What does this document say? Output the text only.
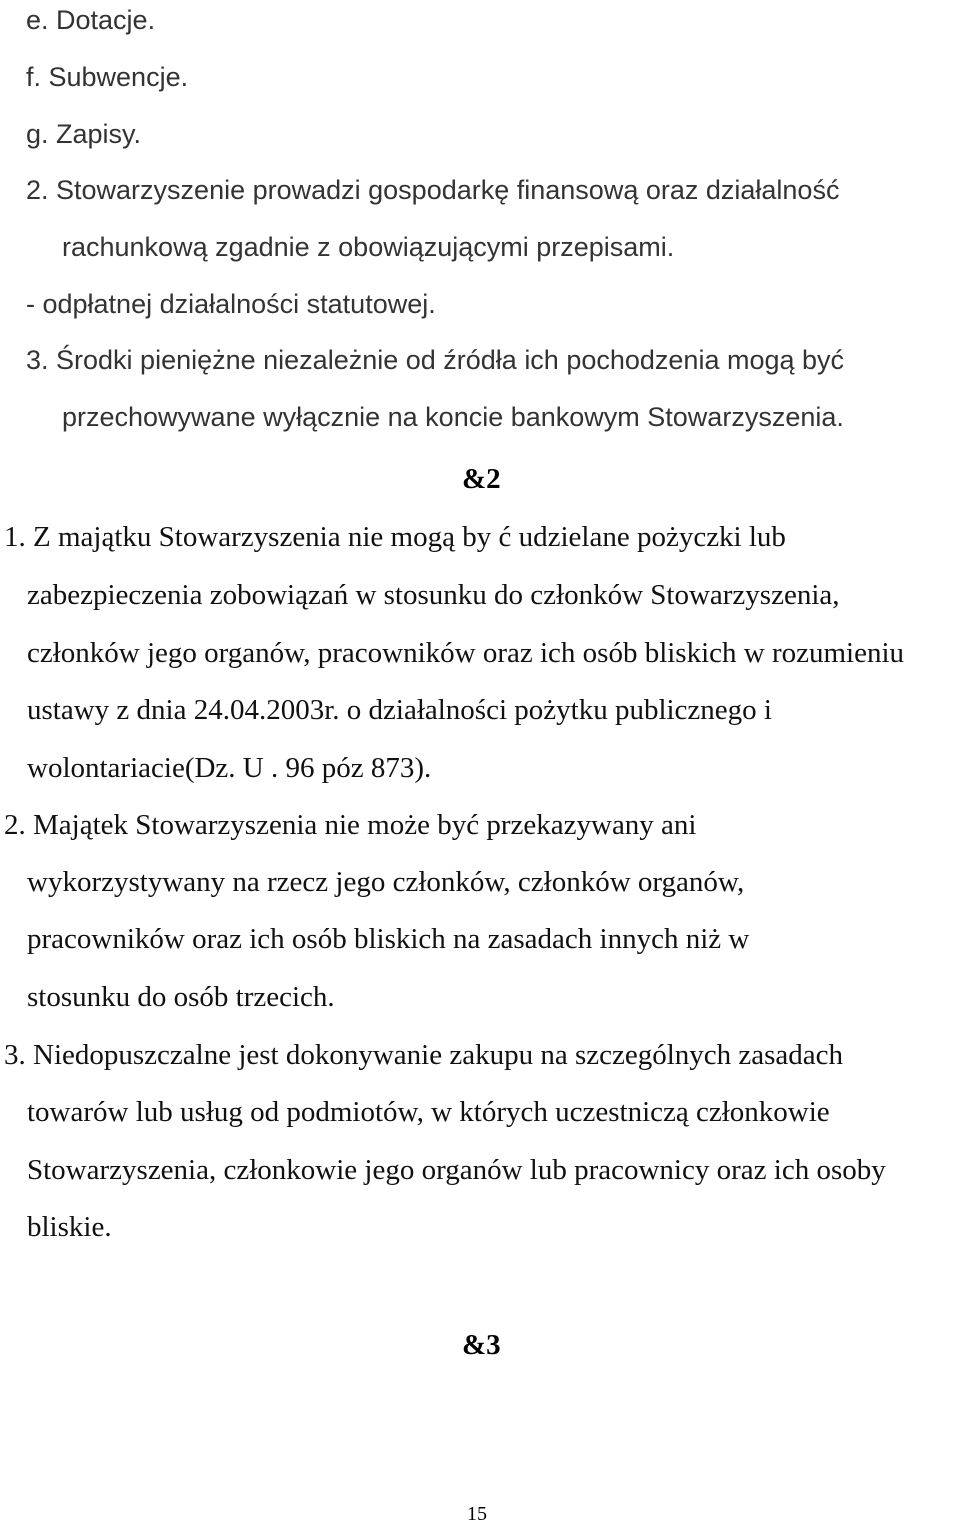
e. Dotacje.
f. Subwencje.
g. Zapisy.
2. Stowarzyszenie prowadzi gospodarkę finansową oraz działalność
rachunkową zgadnie z obowiązującymi przepisami.
- odpłatnej działalności statutowej.
3. Środki pieniężne niezależnie od źródła ich pochodzenia mogą być
przechowywane wyłącznie na koncie bankowym Stowarzyszenia.
&2
1. Z majątku Stowarzyszenia nie mogą by ć udzielane pożyczki lub
zabezpieczenia zobowiązań w stosunku do członków Stowarzyszenia,
członków jego organów, pracowników oraz ich osób bliskich w rozumieniu
ustawy z dnia 24.04.2003r. o działalności pożytku publicznego i
wolontariacie(Dz. U . 96 póz 873).
2. Majątek Stowarzyszenia nie może być przekazywany ani
wykorzystywany na rzecz jego członków, członków organów,
pracowników oraz ich osób bliskich na zasadach innych niż w
stosunku do osób trzecich.
3. Niedopuszczalne jest dokonywanie zakupu na szczególnych zasadach
towarów lub usług od podmiotów, w których uczestniczą członkowie
Stowarzyszenia, członkowie jego organów lub pracownicy oraz ich osoby
bliskie.
&3
15
